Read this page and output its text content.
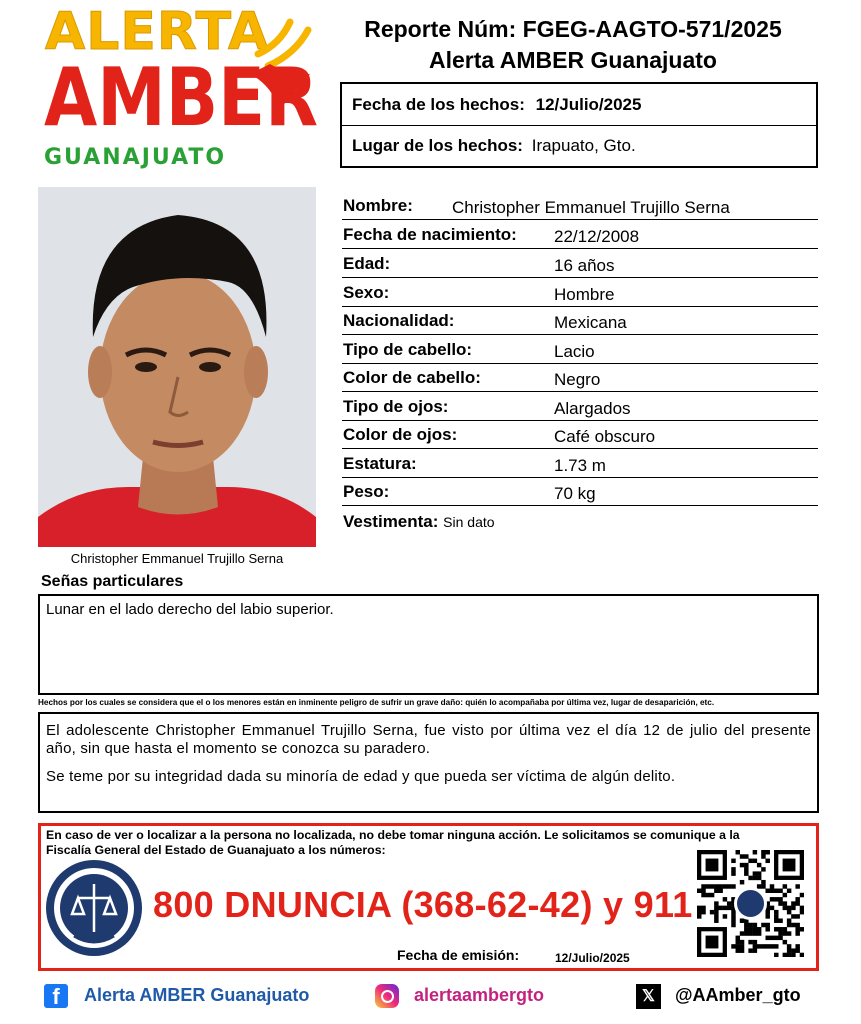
ALERTA
AMBER
GUANAJUATO
Reporte Núm: FGEG-AAGTO-571/2025
Alerta AMBER Guanajuato
Fecha de los hechos: 12/Julio/2025
Lugar de los hechos: Irapuato, Gto.
Christopher Emmanuel Trujillo Serna
Nombre: Christopher Emmanuel Trujillo Serna
Fecha de nacimiento: 22/12/2008
Edad:	16 años
Sexo:	Hombre
Nacionalidad:	Mexicana
Tipo de cabello:	Lacio
Color de cabello:	Negro
Tipo de ojos:	Alargados
Color de ojos:	Café obscuro
Estatura:	1.73 m
Peso:	70 kg
Vestimenta: Sin dato
Señas particulares
Lunar en el lado derecho del labio superior.
Hechos por los cuales se considera que el o los menores están en inminente peligro de sufrir un grave daño: quién lo acompañaba por última vez, lugar de desaparición, etc.

El adolescente Christopher Emmanuel Trujillo Serna, fue visto por última vez el día 12 de julio del presente año, sin que hasta el momento se conozca su paradero.

Se teme por su integridad dada su minoría de edad y que pueda ser víctima de algún delito.

En caso de ver o localizar a la persona no localizada, no debe tomar ninguna acción. Le solicitamos se comunique a la Fiscalía General del Estado de Guanajuato a los números:
800 DNUNCIA (368-62-42) y 911
Fecha de emisión:	12/Julio/2025
f	Alerta AMBER Guanajuato	alertaambergto	𝕏	@AAmber_gto
